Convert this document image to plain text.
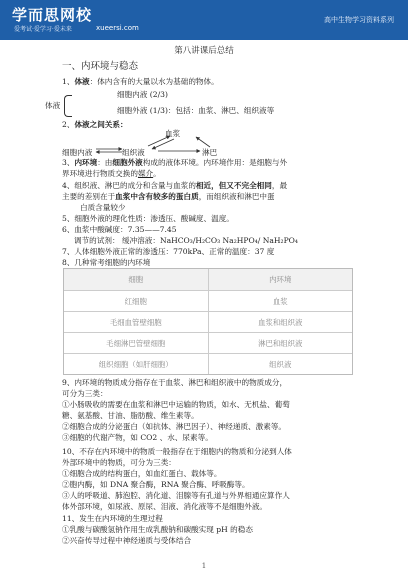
学而思网校
爱考试·爱学习·爱未来	xueersi.com
高中生物学习资料系列
第八讲课后总结
一、内环境与稳态
1、体液：体内含有的大量以水为基础的物体。
体液
细胞内液 (2/3)
细胞外液 (1/3)：包括：血浆、淋巴、组织液等
2、体液之间关系：
血浆
细胞内液	组织液	淋巴
3、内环境：由细胞外液构成的液体环境。内环境作用：是细胞与外
界环境进行物质交换的媒介。
4、组织液、淋巴的成分和含量与血浆的相近，但又不完全相同，最
主要的差别在于血浆中含有较多的蛋白质，而组织液和淋巴中蛋
白质含量较少
5、细胞外液的理化性质：渗透压、酸碱度、温度。
6、血浆中酸碱度：7.35——7.45
调节的试剂： 缓冲溶液：NaHCO₃/H₂CO₃ Na₂HPO₄/ NaH₂PO₄
7、人体细胞外液正常的渗透压：770kPa、正常的温度：37 度
8、几种常考细胞的内环境
细胞	内环境
红细胞	血浆
毛细血管壁细胞	血浆和组织液
毛细淋巴管壁细胞	淋巴和组织液
组织细胞（如肝细胞）	组织液
9、内环境的物质成分指存在于血浆、淋巴和组织液中的物质成分，
可分为三类：
①小肠吸收的需要在血浆和淋巴中运输的物质，如水、无机盐、葡萄
糖、氨基酸、甘油、脂肪酸、维生素等。
②细胞合成的分泌蛋白（如抗体、淋巴因子）、神经递质、激素等。
③细胞的代谢产物，如 CO2 、水、尿素等。
10、不存在内环境中的物质一般指存在于细胞内的物质和分泌到人体
外部环境中的物质，可分为三类：
①细胞合成的结构蛋白，如血红蛋白、载体等。
②胞内酶，如 DNA 聚合酶，RNA 聚合酶、呼吸酶等。
③人的呼吸道、肺泡腔、消化道、泪腺等有孔道与外界相通应算作人
体外部环境，如尿液、原尿、泪液、消化液等不是细胞外液。
11、发生在内环境的生理过程
①乳酸与碳酸氢钠作用生成乳酸钠和碳酸实现 pH 的稳态
②兴奋传导过程中神经递质与受体结合
1
